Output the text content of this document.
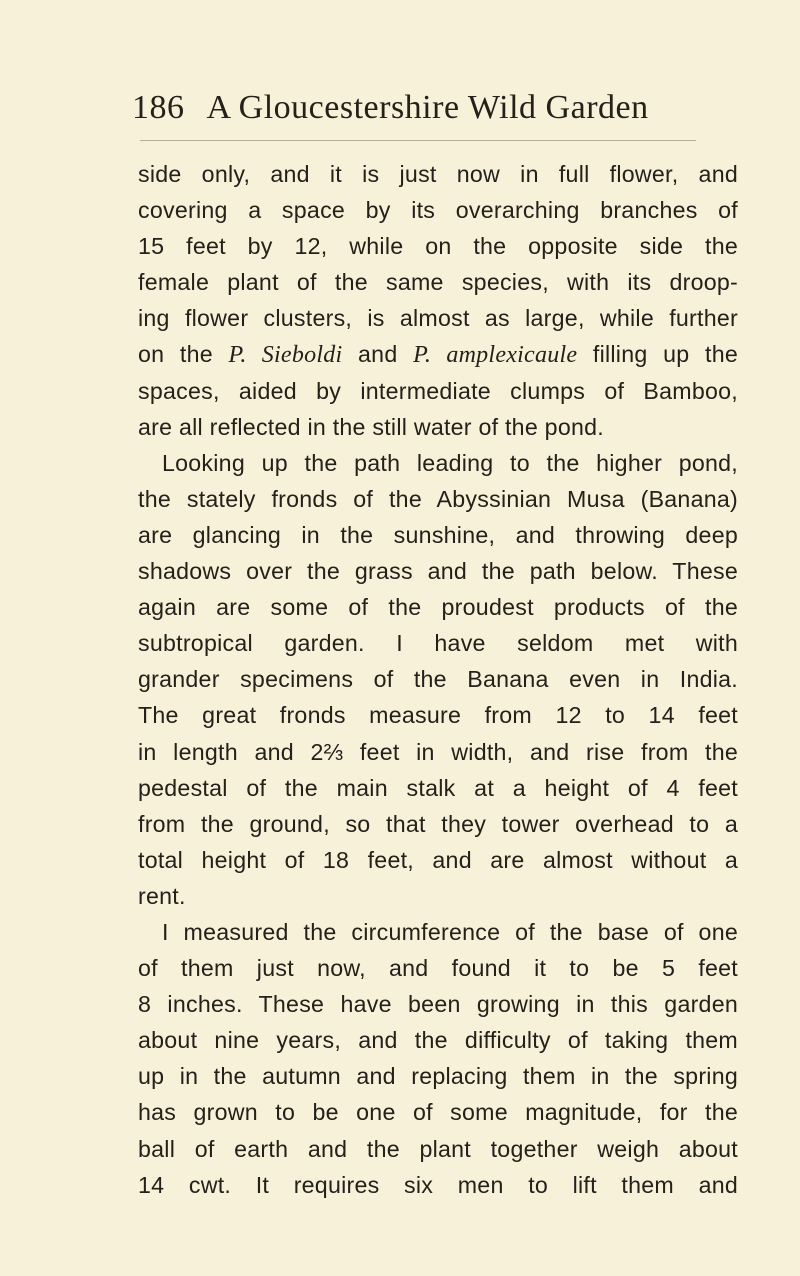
186 A Gloucestershire Wild Garden
side only, and it is just now in full flower, and
covering a space by its overarching branches of
15 feet by 12, while on the opposite side the
female plant of the same species, with its droop-
ing flower clusters, is almost as large, while further
on the P. Sieboldi and P. amplexicaule filling up the
spaces, aided by intermediate clumps of Bamboo,
are all reflected in the still water of the pond.
Looking up the path leading to the higher pond,
the stately fronds of the Abyssinian Musa (Banana)
are glancing in the sunshine, and throwing deep
shadows over the grass and the path below. These
again are some of the proudest products of the
subtropical garden. I have seldom met with
grander specimens of the Banana even in India.
The great fronds measure from 12 to 14 feet
in length and 2⅔ feet in width, and rise from the
pedestal of the main stalk at a height of 4 feet
from the ground, so that they tower overhead to a
total height of 18 feet, and are almost without a
rent.
I measured the circumference of the base of one
of them just now, and found it to be 5 feet
8 inches. These have been growing in this garden
about nine years, and the difficulty of taking them
up in the autumn and replacing them in the spring
has grown to be one of some magnitude, for the
ball of earth and the plant together weigh about
14 cwt. It requires six men to lift them and
